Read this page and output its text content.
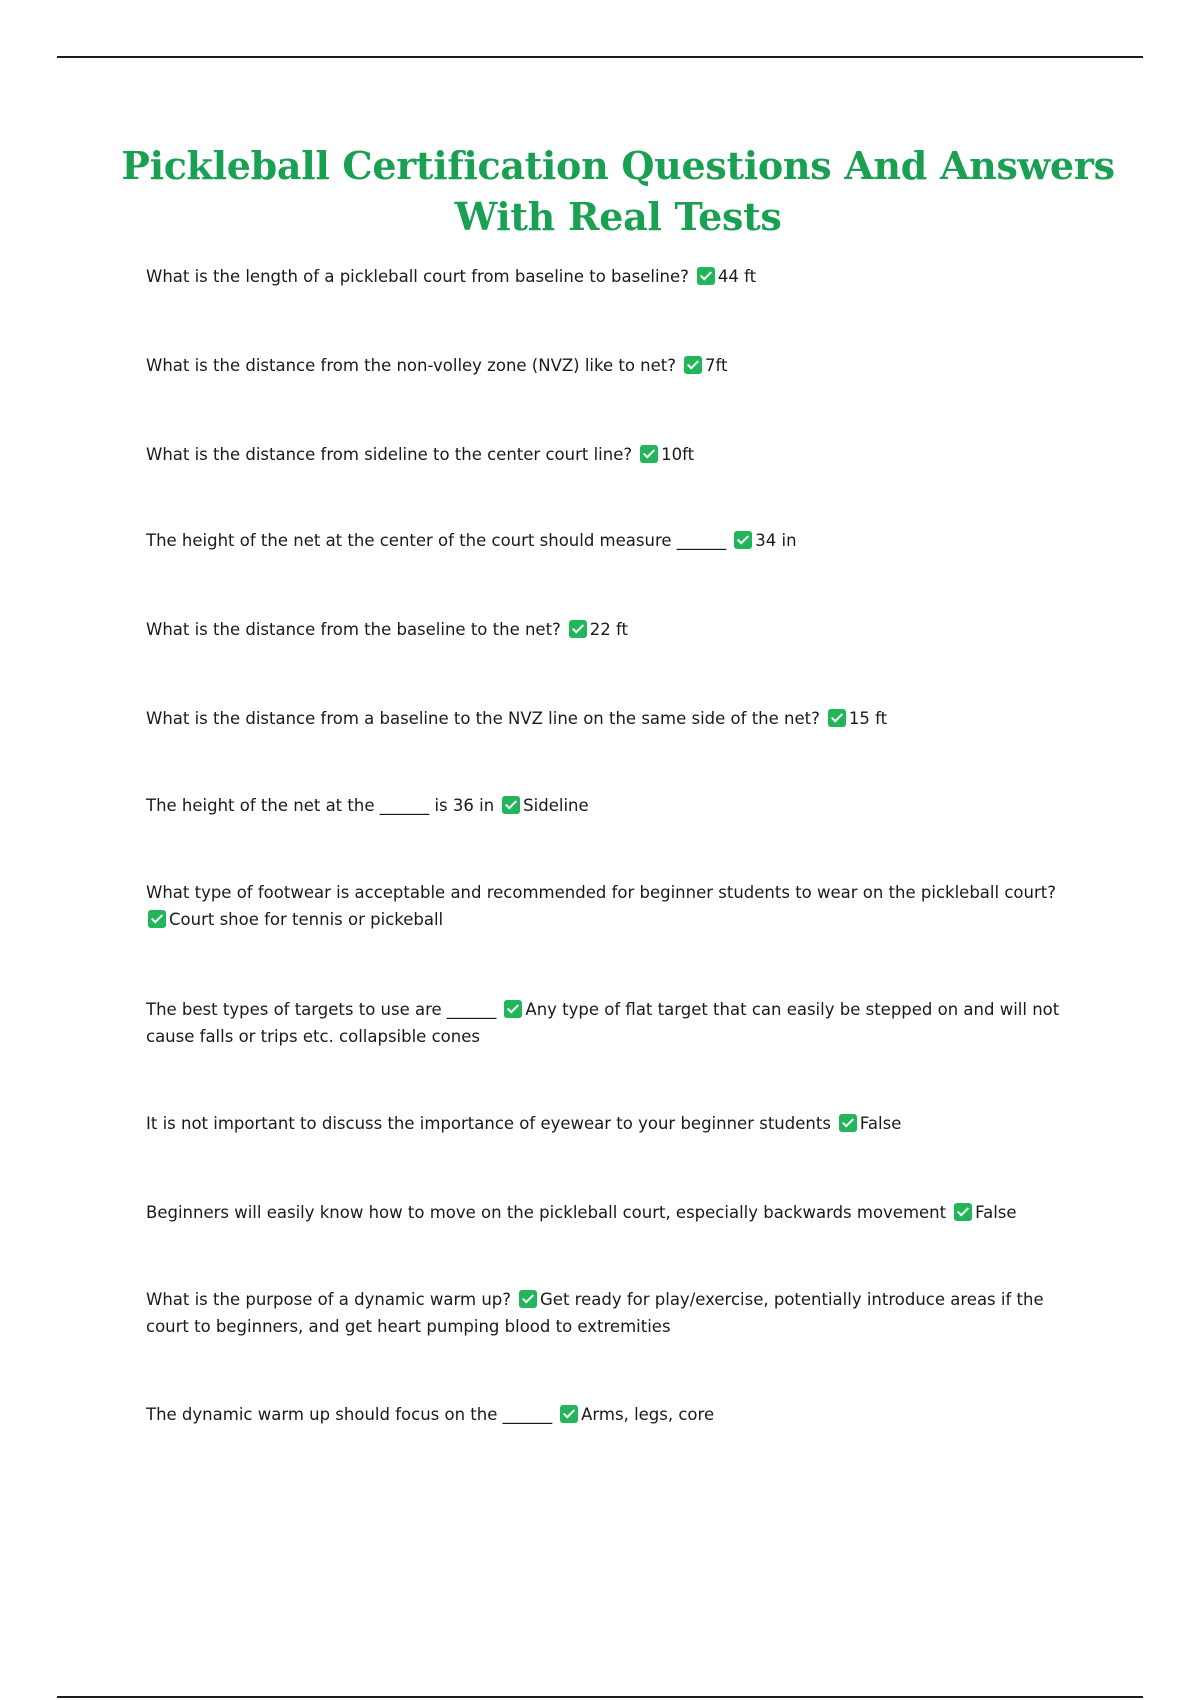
Pickleball Certification Questions And Answers With Real Tests

What is the length of a pickleball court from baseline to baseline? 44 ft

What is the distance from the non-volley zone (NVZ) like to net? 7ft

What is the distance from sideline to the center court line? 10ft

The height of the net at the center of the court should measure ______ 34 in

What is the distance from the baseline to the net? 22 ft

What is the distance from a baseline to the NVZ line on the same side of the net? 15 ft

The height of the net at the ______ is 36 in Sideline

What type of footwear is acceptable and recommended for beginner students to wear on the pickleball court?
Court shoe for tennis or pickeball

The best types of targets to use are ______ Any type of flat target that can easily be stepped on and will not cause falls or trips etc. collapsible cones

It is not important to discuss the importance of eyewear to your beginner students False

Beginners will easily know how to move on the pickleball court, especially backwards movement False

What is the purpose of a dynamic warm up? Get ready for play/exercise, potentially introduce areas if the court to beginners, and get heart pumping blood to extremities

The dynamic warm up should focus on the ______ Arms, legs, core
